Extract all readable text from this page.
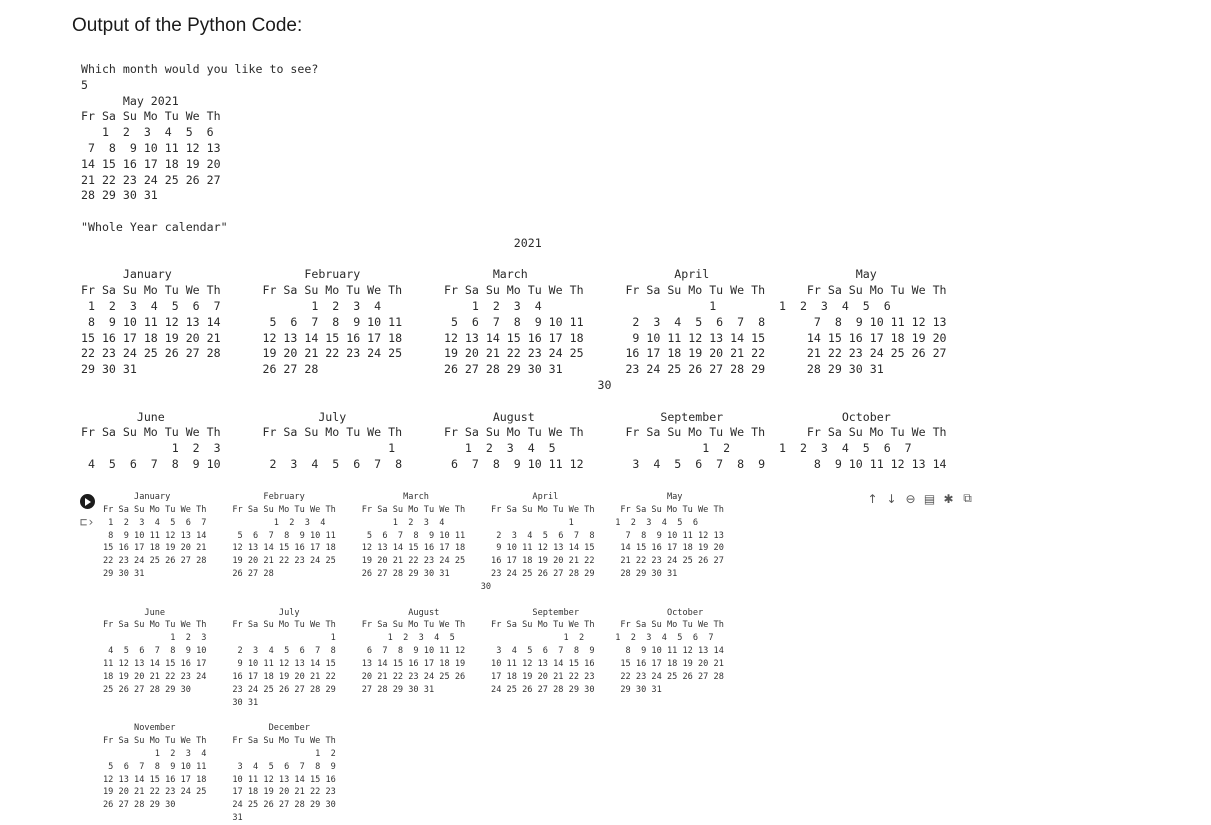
Output of the Python Code:
Which month would you like to see?
5
May 2021
Fr Sa Su Mo Tu We Th
1  2  3  4  5  6
7  8  9 10 11 12 13
14 15 16 17 18 19 20
21 22 23 24 25 26 27
28 29 30 31

"Whole Year calendar"
2021

January                   February                   March                     April                     May
Fr Sa Su Mo Tu We Th      Fr Sa Su Mo Tu We Th      Fr Sa Su Mo Tu We Th      Fr Sa Su Mo Tu We Th      Fr Sa Su Mo Tu We Th
1  2  3  4  5  6  7             1  2  3  4             1  2  3  4                        1         1  2  3  4  5  6
8  9 10 11 12 13 14       5  6  7  8  9 10 11       5  6  7  8  9 10 11       2  3  4  5  6  7  8       7  8  9 10 11 12 13
15 16 17 18 19 20 21      12 13 14 15 16 17 18      12 13 14 15 16 17 18       9 10 11 12 13 14 15      14 15 16 17 18 19 20
22 23 24 25 26 27 28      19 20 21 22 23 24 25      19 20 21 22 23 24 25      16 17 18 19 20 21 22      21 22 23 24 25 26 27
29 30 31                  26 27 28                  26 27 28 29 30 31         23 24 25 26 27 28 29      28 29 30 31
30

June                      July                     August                  September                 October
Fr Sa Su Mo Tu We Th      Fr Sa Su Mo Tu We Th      Fr Sa Su Mo Tu We Th      Fr Sa Su Mo Tu We Th      Fr Sa Su Mo Tu We Th
1  2  3                        1          1  2  3  4  5                     1  2       1  2  3  4  5  6  7
4  5  6  7  8  9 10       2  3  4  5  6  7  8       6  7  8  9 10 11 12       3  4  5  6  7  8  9       8  9 10 11 12 13 14
⊏›
↑ ↓ ⊖ ▤ ✱ ⧉
January                  February                   March                    April                     May
Fr Sa Su Mo Tu We Th     Fr Sa Su Mo Tu We Th     Fr Sa Su Mo Tu We Th     Fr Sa Su Mo Tu We Th     Fr Sa Su Mo Tu We Th
1  2  3  4  5  6  7             1  2  3  4             1  2  3  4                        1        1  2  3  4  5  6
8  9 10 11 12 13 14      5  6  7  8  9 10 11      5  6  7  8  9 10 11      2  3  4  5  6  7  8      7  8  9 10 11 12 13
15 16 17 18 19 20 21     12 13 14 15 16 17 18     12 13 14 15 16 17 18      9 10 11 12 13 14 15     14 15 16 17 18 19 20
22 23 24 25 26 27 28     19 20 21 22 23 24 25     19 20 21 22 23 24 25     16 17 18 19 20 21 22     21 22 23 24 25 26 27
29 30 31                 26 27 28                 26 27 28 29 30 31        23 24 25 26 27 28 29     28 29 30 31
30

June                      July                     August                  September                 October
Fr Sa Su Mo Tu We Th     Fr Sa Su Mo Tu We Th     Fr Sa Su Mo Tu We Th     Fr Sa Su Mo Tu We Th     Fr Sa Su Mo Tu We Th
1  2  3                        1          1  2  3  4  5                     1  2      1  2  3  4  5  6  7
4  5  6  7  8  9 10      2  3  4  5  6  7  8      6  7  8  9 10 11 12      3  4  5  6  7  8  9      8  9 10 11 12 13 14
11 12 13 14 15 16 17      9 10 11 12 13 14 15     13 14 15 16 17 18 19     10 11 12 13 14 15 16     15 16 17 18 19 20 21
18 19 20 21 22 23 24     16 17 18 19 20 21 22     20 21 22 23 24 25 26     17 18 19 20 21 22 23     22 23 24 25 26 27 28
25 26 27 28 29 30        23 24 25 26 27 28 29     27 28 29 30 31           24 25 26 27 28 29 30     29 30 31
30 31

November                  December
Fr Sa Su Mo Tu We Th     Fr Sa Su Mo Tu We Th
1  2  3  4                     1  2
5  6  7  8  9 10 11      3  4  5  6  7  8  9
12 13 14 15 16 17 18     10 11 12 13 14 15 16
19 20 21 22 23 24 25     17 18 19 20 21 22 23
26 27 28 29 30           24 25 26 27 28 29 30
31
